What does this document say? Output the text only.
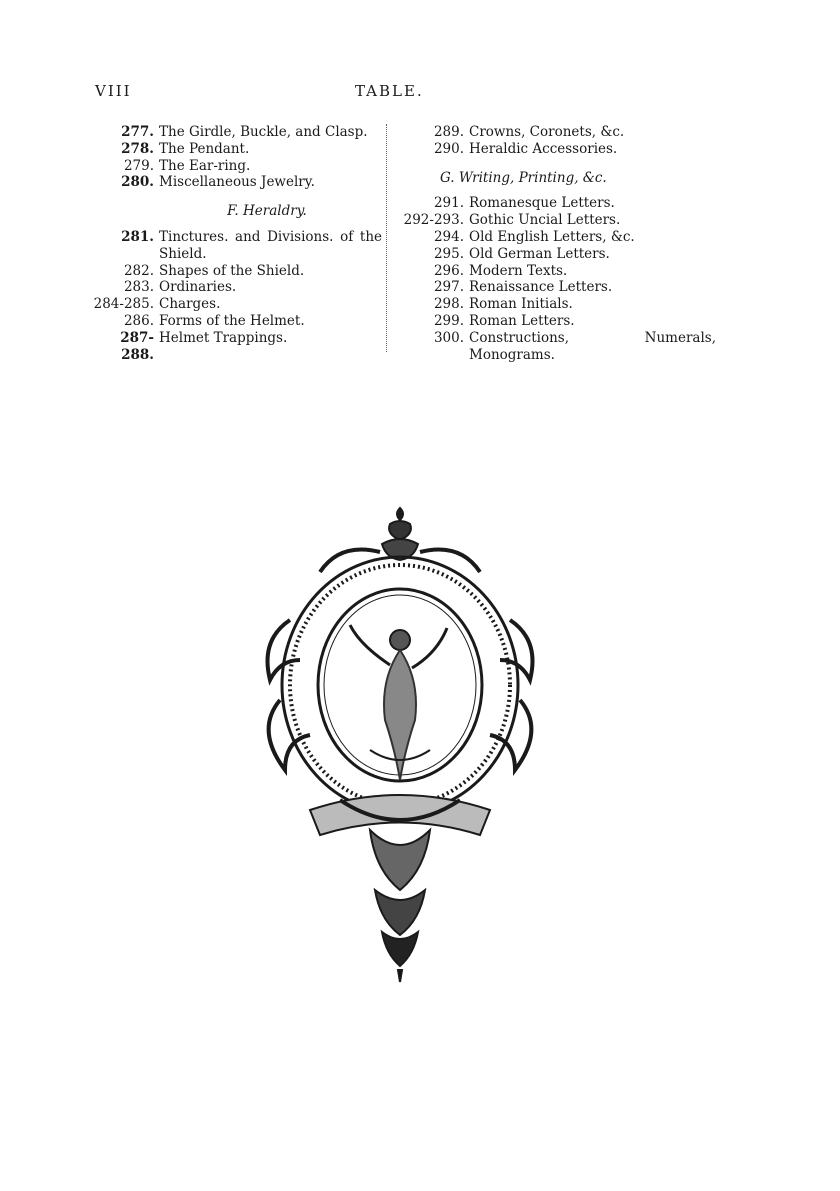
VIII	TABLE.
277. The Girdle, Buckle, and Clasp.
278. The Pendant.
279. The Ear-ring.
280. Miscellaneous Jewelry.
F. Heraldry.
281. Tinctures. and Divisions. of the Shield.
282. Shapes of the Shield.
283. Ordinaries.
284-285. Charges.
286. Forms of the Helmet.
287-288.
Helmet Trappings.
289. Crowns, Coronets, &c.
290. Heraldic Accessories.
G. Writing, Printing, &c.
291. Romanesque Letters.
292-293. Gothic Uncial Letters.
294. Old English Letters, &c.
295. Old German Letters.
296. Modern Texts.
297. Renaissance Letters.
298. Roman Initials.
299. Roman Letters.
300. Constructions, Numerals, Monograms.
